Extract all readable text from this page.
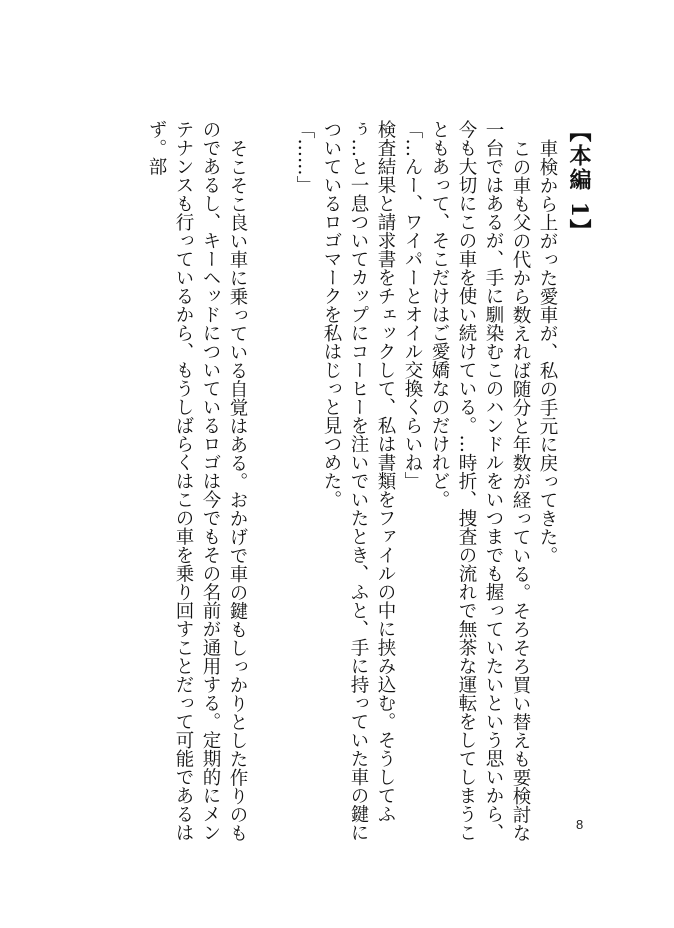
【本編 1】

車検から上がった愛車が、私の手元に戻ってきた。

この車も父の代から数えれば随分と年数が経っている。そろそろ買い替えも要検討な一台ではあるが、手に馴染むこのハンドルをいつまでも握っていたいという思いから、今も大切にこの車を使い続けている。…時折、捜査の流れで無茶な運転をしてしまうこともあって、そこだけはご愛嬌なのだけれど。

「…んー、ワイパーとオイル交換くらいね」

検査結果と請求書をチェックして、私は書類をファイルの中に挟み込む。そうしてふぅ…と一息ついてカップにコーヒーを注いでいたとき、ふと、手に持っていた車の鍵についているロゴマークを私はじっと見つめた。

「……」

そこそこ良い車に乗っている自覚はある。おかげで車の鍵もしっかりとした作りのものであるし、キーヘッドについているロゴは今でもその名前が通用する。定期的にメンテナンスも行っているから、もうしばらくはこの車を乗り回すことだって可能であるはず。部

8
